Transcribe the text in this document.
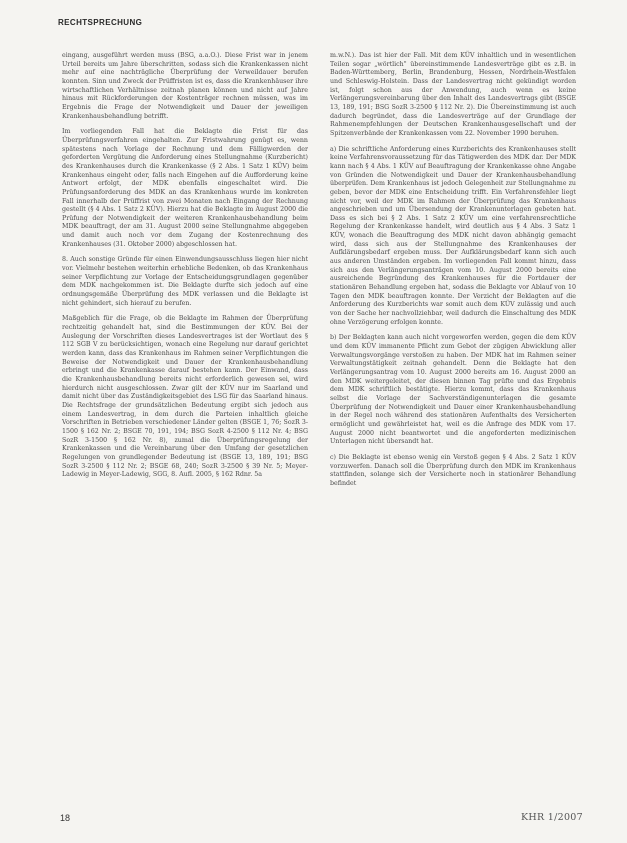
RECHTSPRECHUNG

eingang, ausgeführt werden muss (BSG, a.a.O.). Diese Frist war in jenem Urteil bereits um Jahre überschritten, sodass sich die Krankenkassen nicht mehr auf eine nachträgliche Überprüfung der Verweildauer berufen konnten. Sinn und Zweck der Prüffristen ist es, dass die Krankenhäuser ihre wirtschaftlichen Verhältnisse zeitnah planen können und nicht auf Jahre hinaus mit Rückforderungen der Kostenträger rechnen müssen, was im Ergebnis die Frage der Notwendigkeit und Dauer der jeweiligen Krankenhausbehandlung betrifft.

Im vorliegenden Fall hat die Beklagte die Frist für das Überprüfungsverfahren eingehalten. Zur Fristwahrung genügt es, wenn spätestens nach Vorlage der Rechnung und dem Fälligwerden der geforderten Vergütung die Anforderung eines Stellungnahme (Kurzbericht) des Krankenhauses durch die Krankenkasse (§ 2 Abs. 1 Satz 1 KÜV) beim Krankenhaus eingeht oder, falls nach Eingehen auf die Aufforderung keine Antwort erfolgt, der MDK ebenfalls eingeschaltet wird. Die Prüfungsanforderung des MDK an das Krankenhaus wurde im konkreten Fall innerhalb der Prüffrist von zwei Monaten nach Eingang der Rechnung gestellt (§ 4 Abs. 1 Satz 2 KÜV). Hierzu hat die Beklagte im August 2000 die Prüfung der Notwendigkeit der weiteren Krankenhausbehandlung beim MDK beauftragt, der am 31. August 2000 seine Stellungnahme abgegeben und damit auch noch vor dem Zugang der Kostenrechnung des Krankenhauses (31. Oktober 2000) abgeschlossen hat.

8. Auch sonstige Gründe für einen Einwendungsausschluss liegen hier nicht vor. Vielmehr bestehen weiterhin erhebliche Bedenken, ob das Krankenhaus seiner Verpflichtung zur Vorlage der Entscheidungsgrundlagen gegenüber dem MDK nachgekommen ist. Die Beklagte durfte sich jedoch auf eine ordnungsgemäße Überprüfung des MDK verlassen und die Beklagte ist nicht gehindert, sich hierauf zu berufen.

Maßgeblich für die Frage, ob die Beklagte im Rahmen der Überprüfung rechtzeitig gehandelt hat, sind die Bestimmungen der KÜV. Bei der Auslegung der Vorschriften dieses Landesvertrages ist der Wortlaut des § 112 SGB V zu berücksichtigen, wonach eine Regelung nur darauf gerichtet werden kann, dass das Krankenhaus im Rahmen seiner Verpflichtungen die Beweise der Notwendigkeit und Dauer der Krankenhausbehandlung erbringt und die Krankenkasse darauf bestehen kann. Der Einwand, dass die Krankenhausbehandlung bereits nicht erforderlich gewesen sei, wird hierdurch nicht ausgeschlossen. Zwar gilt der KÜV nur im Saarland und damit nicht über das Zuständigkeitsgebiet des LSG für das Saarland hinaus. Die Rechtsfrage der grundsätzlichen Bedeutung ergibt sich jedoch aus einem Landesvertrag, in dem durch die Parteien inhaltlich gleiche Vorschriften in Betrieben verschiedener Länder gelten (BSGE 1, 76; SozR 3-1500 § 162 Nr. 2; BSGE 70, 191, 194; BSG SozR 4-2500 § 112 Nr. 4; BSG SozR 3-1500 § 162 Nr. 8), zumal die Überprüfungsregelung der Krankenkassen und die Vereinbarung über den Umfang der gesetzlichen Regelungen von grundlegender Bedeutung ist (BSGE 13, 189, 191; BSG SozR 3-2500 § 112 Nr. 2; BSGE 68, 240; SozR 3-2500 § 39 Nr. 5; Meyer-Ladewig in Meyer-Ladewig, SGG, 8. Aufl. 2005, § 162 Rdnr. 5a

m.w.N.). Das ist hier der Fall. Mit dem KÜV inhaltlich und in wesentlichen Teilen sogar „wörtlich" übereinstimmende Landesverträge gibt es z.B. in Baden-Württemberg, Berlin, Brandenburg, Hessen, Nordrhein-Westfalen und Schleswig-Holstein. Dass der Landesvertrag nicht gekündigt worden ist, folgt schon aus der Anwendung, auch wenn es keine Verlängerungsvereinbarung über den Inhalt des Landesvertrags gibt (BSGE 13, 189, 191; BSG SozR 3-2500 § 112 Nr. 2). Die Übereinstimmung ist auch dadurch begründet, dass die Landesverträge auf der Grundlage der Rahmenempfehlungen der Deutschen Krankenhausgesellschaft und der Spitzenverbände der Krankenkassen vom 22. November 1990 beruhen.

a) Die schriftliche Anforderung eines Kurzberichts des Krankenhauses stellt keine Verfahrensvoraussetzung für das Tätigwerden des MDK dar. Der MDK kann nach § 4 Abs. 1 KÜV auf Beauftragung der Krankenkasse ohne Angabe von Gründen die Notwendigkeit und Dauer der Krankenhausbehandlung überprüfen. Dem Krankenhaus ist jedoch Gelegenheit zur Stellungnahme zu geben, bevor der MDK eine Entscheidung trifft. Ein Verfahrensfehler liegt nicht vor, weil der MDK im Rahmen der Überprüfung das Krankenhaus angeschrieben und um Übersendung der Krankenunterlagen gebeten hat. Dass es sich bei § 2 Abs. 1 Satz 2 KÜV um eine verfahrensrechtliche Regelung der Krankenkasse handelt, wird deutlich aus § 4 Abs. 3 Satz 1 KÜV, wonach die Beauftragung des MDK nicht davon abhängig gemacht wird, dass sich aus der Stellungnahme des Krankenhauses der Aufklärungsbedarf ergeben muss. Der Aufklärungsbedarf kann sich auch aus anderen Umständen ergeben. Im vorliegenden Fall kommt hinzu, dass sich aus den Verlängerungsanträgen vom 10. August 2000 bereits eine ausreichende Begründung des Krankenhauses für die Fortdauer der stationären Behandlung ergeben hat, sodass die Beklagte vor Ablauf von 10 Tagen den MDK beauftragen konnte. Der Verzicht der Beklagten auf die Anforderung des Kurzberichts war somit auch dem KÜV zulässig und auch von der Sache her nachvollziehbar, weil dadurch die Einschaltung des MDK ohne Verzögerung erfolgen konnte.

b) Der Beklagten kann auch nicht vorgeworfen werden, gegen die dem KÜV und dem KÜV immanente Pflicht zum Gebot der zügigen Abwicklung aller Verwaltungsvorgänge verstoßen zu haben. Der MDK hat im Rahmen seiner Verwaltungstätigkeit zeitnah gehandelt. Denn die Beklagte hat den Verlängerungsantrag vom 10. August 2000 bereits am 16. August 2000 an den MDK weitergeleitet, der diesen binnen Tag prüfte und das Ergebnis dem MDK schriftlich bestätigte. Hierzu kommt, dass das Krankenhaus selbst die Vorlage der Sachverständigenunterlagen die gesamte Überprüfung der Notwendigkeit und Dauer einer Krankenhausbehandlung in der Regel noch während des stationären Aufenthalts des Versicherten ermöglicht und gewährleistet hat, weil es die Anfrage des MDK vom 17. August 2000 nicht beantwortet und die angeforderten medizinischen Unterlagen nicht übersandt hat.

c) Die Beklagte ist ebenso wenig ein Verstoß gegen § 4 Abs. 2 Satz 1 KÜV vorzuwerfen. Danach soll die Überprüfung durch den MDK im Krankenhaus stattfinden, solange sich der Versicherte noch in stationärer Behandlung befindet

18	KHR 1/2007
